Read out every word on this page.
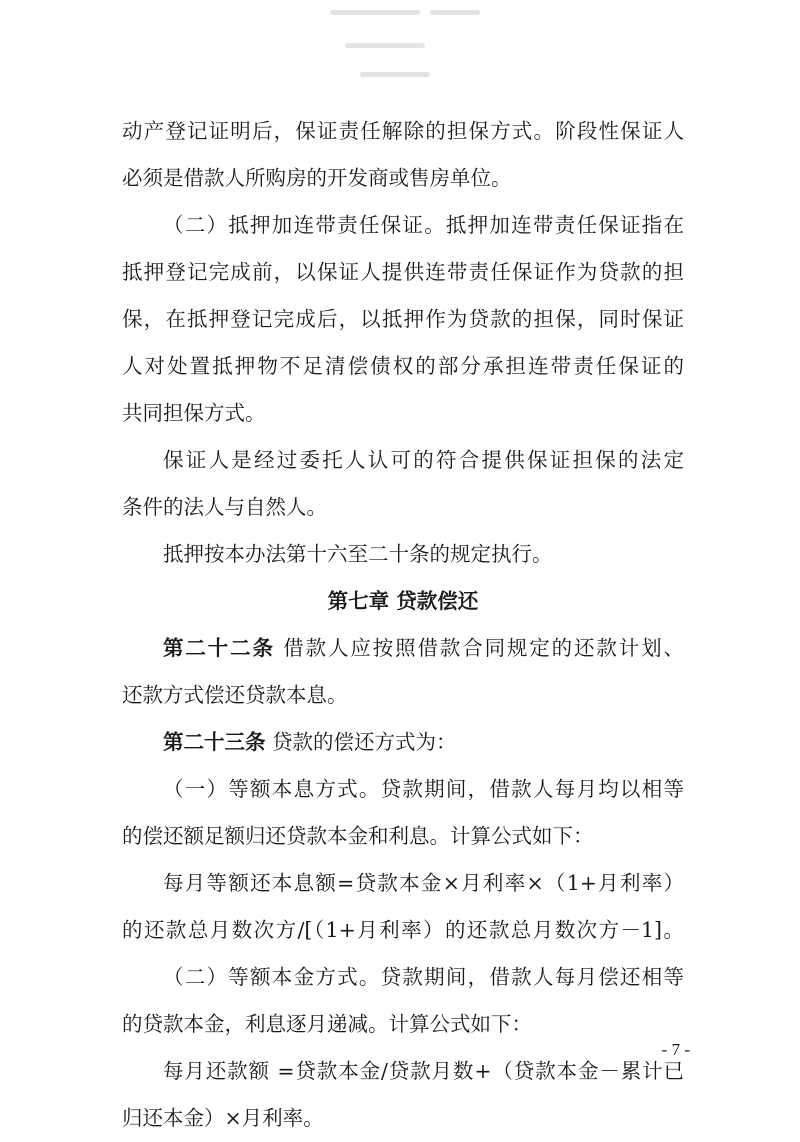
动产登记证明后，保证责任解除的担保方式。阶段性保证人
必须是借款人所购房的开发商或售房单位。
（二）抵押加连带责任保证。抵押加连带责任保证指在
抵押登记完成前，以保证人提供连带责任保证作为贷款的担
保，在抵押登记完成后，以抵押作为贷款的担保，同时保证
人对处置抵押物不足清偿债权的部分承担连带责任保证的
共同担保方式。
保证人是经过委托人认可的符合提供保证担保的法定
条件的法人与自然人。
抵押按本办法第十六至二十条的规定执行。
第七章 贷款偿还
第二十二条 借款人应按照借款合同规定的还款计划、
还款方式偿还贷款本息。
第二十三条 贷款的偿还方式为：
（一）等额本息方式。贷款期间，借款人每月均以相等
的偿还额足额归还贷款本金和利息。计算公式如下：
每月等额还本息额=贷款本金×月利率×（1+月利率）
的还款总月数次方/[（1+月利率）的还款总月数次方－1]。
（二）等额本金方式。贷款期间，借款人每月偿还相等
的贷款本金，利息逐月递减。计算公式如下：
每月还款额 =贷款本金/贷款月数+（贷款本金－累计已
归还本金）×月利率。
- 7 -
